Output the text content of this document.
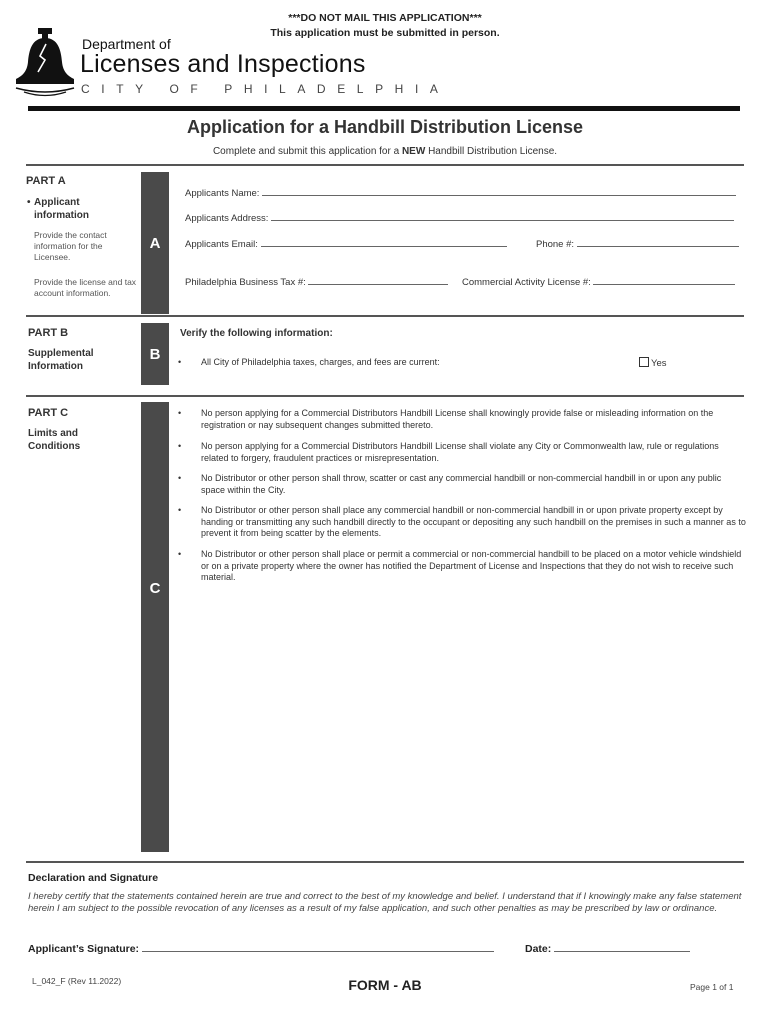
***DO NOT MAIL THIS APPLICATION***
This application must be submitted in person.
Department of
Licenses and Inspections
CITY OF PHILADELPHIA
Application for a Handbill Distribution License
Complete and submit this application for a NEW Handbill Distribution License.
PART A
• Applicant information
Provide the contact information for the Licensee.
Provide the license and tax account information.
A
Applicants Name:
Applicants Address:
Applicants Email:	Phone #:
Philadelphia Business Tax #:	Commercial Activity License #:
PART B
Supplemental Information
B
Verify the following information:
• All City of Philadelphia taxes, charges, and fees are current:	Yes
PART C
Limits and Conditions
C
• No person applying for a Commercial Distributors Handbill License shall knowingly provide false or misleading information on the registration or nay subsequent changes submitted thereto.
• No person applying for a Commercial Distributors Handbill License shall violate any City or Commonwealth law, rule or regulations related to forgery, fraudulent practices or misrepresentation.
• No Distributor or other person shall throw, scatter or cast any commercial handbill or non-commercial handbill in or upon any public space within the City.
• No Distributor or other person shall place any commercial handbill or non-commercial handbill in or upon private property except by handing or transmitting any such handbill directly to the occupant or depositing any such handbill on the premises in such a manner as to prevent it from being scatter by the elements.
• No Distributor or other person shall place or permit a commercial or non-commercial handbill to be placed on a motor vehicle windshield or on a private property where the owner has notified the Department of License and Inspections that they do not wish to receive such material.
Declaration and Signature
I hereby certify that the statements contained herein are true and correct to the best of my knowledge and belief. I understand that if I knowingly make any false statement herein I am subject to the possible revocation of any licenses as a result of my false application, and such other penalties as may be prescribed by law or ordinance.
Applicant’s Signature:	Date:
L_042_F (Rev 11.2022)	FORM - AB	Page 1 of 1
